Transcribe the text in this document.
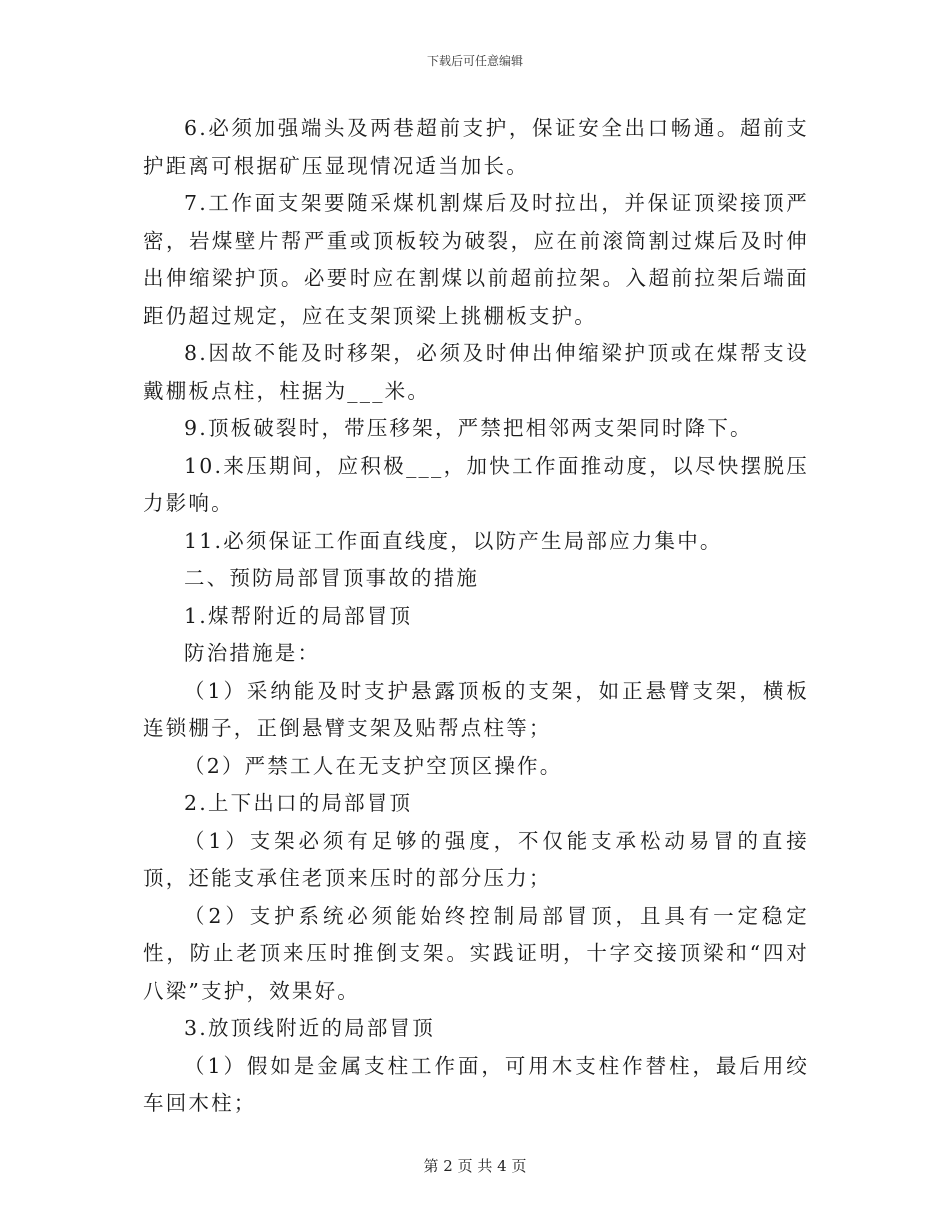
下载后可任意编辑

6.必须加强端头及两巷超前支护，保证安全出口畅通。超前支护距离可根据矿压显现情况适当加长。

7.工作面支架要随采煤机割煤后及时拉出，并保证顶梁接顶严密，岩煤壁片帮严重或顶板较为破裂，应在前滚筒割过煤后及时伸出伸缩梁护顶。必要时应在割煤以前超前拉架。入超前拉架后端面距仍超过规定，应在支架顶梁上挑棚板支护。

8.因故不能及时移架，必须及时伸出伸缩梁护顶或在煤帮支设戴棚板点柱，柱据为___米。

9.顶板破裂时，带压移架，严禁把相邻两支架同时降下。

10.来压期间，应积极___，加快工作面推动度，以尽快摆脱压力影响。

11.必须保证工作面直线度，以防产生局部应力集中。

二、预防局部冒顶事故的措施

1.煤帮附近的局部冒顶

防治措施是：

（1）采纳能及时支护悬露顶板的支架，如正悬臂支架，横板连锁棚子，正倒悬臂支架及贴帮点柱等；

（2）严禁工人在无支护空顶区操作。

2.上下出口的局部冒顶

（1）支架必须有足够的强度，不仅能支承松动易冒的直接顶，还能支承住老顶来压时的部分压力；

（2）支护系统必须能始终控制局部冒顶，且具有一定稳定性，防止老顶来压时推倒支架。实践证明，十字交接顶梁和“四对八梁”支护，效果好。

3.放顶线附近的局部冒顶

（1）假如是金属支柱工作面，可用木支柱作替柱，最后用绞车回木柱；

第 2 页 共 4 页
